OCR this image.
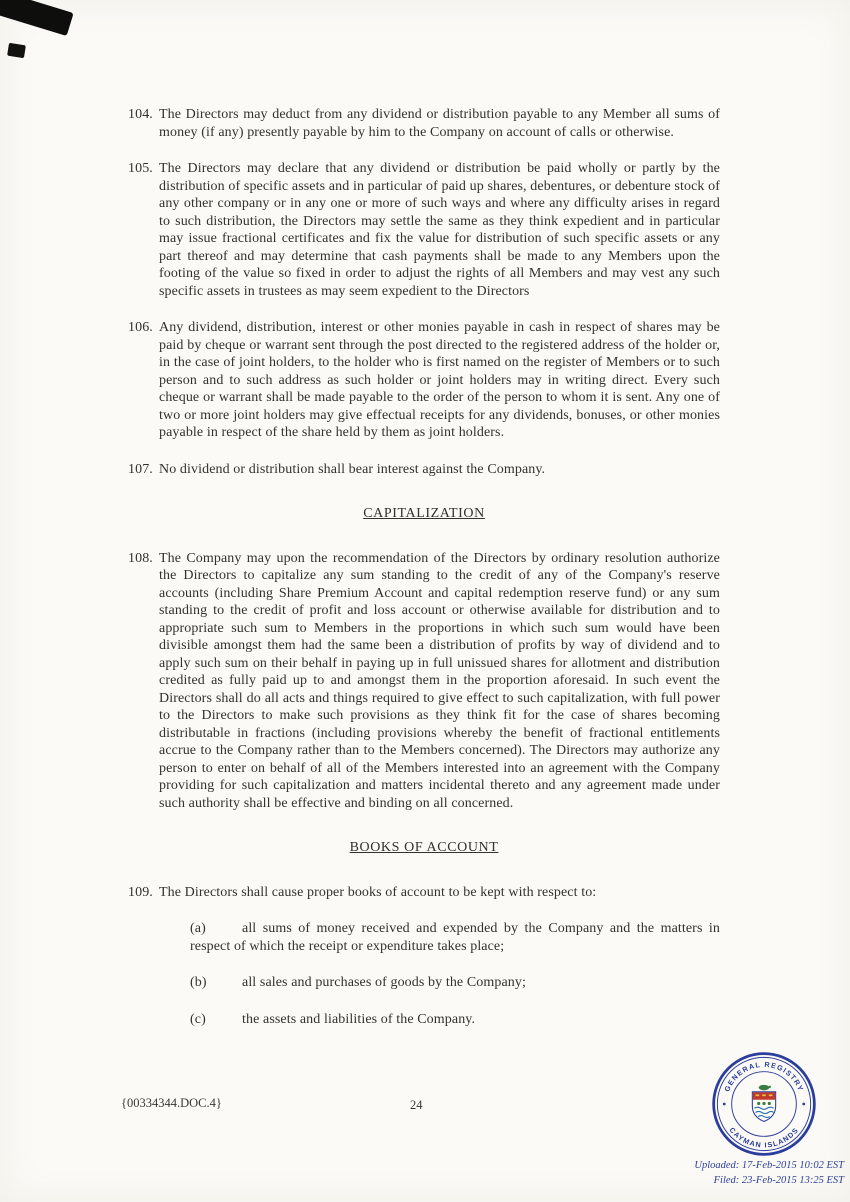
104. The Directors may deduct from any dividend or distribution payable to any Member all sums of money (if any) presently payable by him to the Company on account of calls or otherwise.
105. The Directors may declare that any dividend or distribution be paid wholly or partly by the distribution of specific assets and in particular of paid up shares, debentures, or debenture stock of any other company or in any one or more of such ways and where any difficulty arises in regard to such distribution, the Directors may settle the same as they think expedient and in particular may issue fractional certificates and fix the value for distribution of such specific assets or any part thereof and may determine that cash payments shall be made to any Members upon the footing of the value so fixed in order to adjust the rights of all Members and may vest any such specific assets in trustees as may seem expedient to the Directors
106. Any dividend, distribution, interest or other monies payable in cash in respect of shares may be paid by cheque or warrant sent through the post directed to the registered address of the holder or, in the case of joint holders, to the holder who is first named on the register of Members or to such person and to such address as such holder or joint holders may in writing direct. Every such cheque or warrant shall be made payable to the order of the person to whom it is sent. Any one of two or more joint holders may give effectual receipts for any dividends, bonuses, or other monies payable in respect of the share held by them as joint holders.
107. No dividend or distribution shall bear interest against the Company.
CAPITALIZATION
108. The Company may upon the recommendation of the Directors by ordinary resolution authorize the Directors to capitalize any sum standing to the credit of any of the Company's reserve accounts (including Share Premium Account and capital redemption reserve fund) or any sum standing to the credit of profit and loss account or otherwise available for distribution and to appropriate such sum to Members in the proportions in which such sum would have been divisible amongst them had the same been a distribution of profits by way of dividend and to apply such sum on their behalf in paying up in full unissued shares for allotment and distribution credited as fully paid up to and amongst them in the proportion aforesaid. In such event the Directors shall do all acts and things required to give effect to such capitalization, with full power to the Directors to make such provisions as they think fit for the case of shares becoming distributable in fractions (including provisions whereby the benefit of fractional entitlements accrue to the Company rather than to the Members concerned). The Directors may authorize any person to enter on behalf of all of the Members interested into an agreement with the Company providing for such capitalization and matters incidental thereto and any agreement made under such authority shall be effective and binding on all concerned.
BOOKS OF ACCOUNT
109. The Directors shall cause proper books of account to be kept with respect to:
(a)	all sums of money received and expended by the Company and the matters in respect of which the receipt or expenditure takes place;
(b)	all sales and purchases of goods by the Company;
(c)	the assets and liabilities of the Company.
{00334344.DOC.4}	24
GENERAL REGISTRY
CAYMAN ISLANDS
Uploaded: 17-Feb-2015 10:02 EST
Filed: 23-Feb-2015 13:25 EST
